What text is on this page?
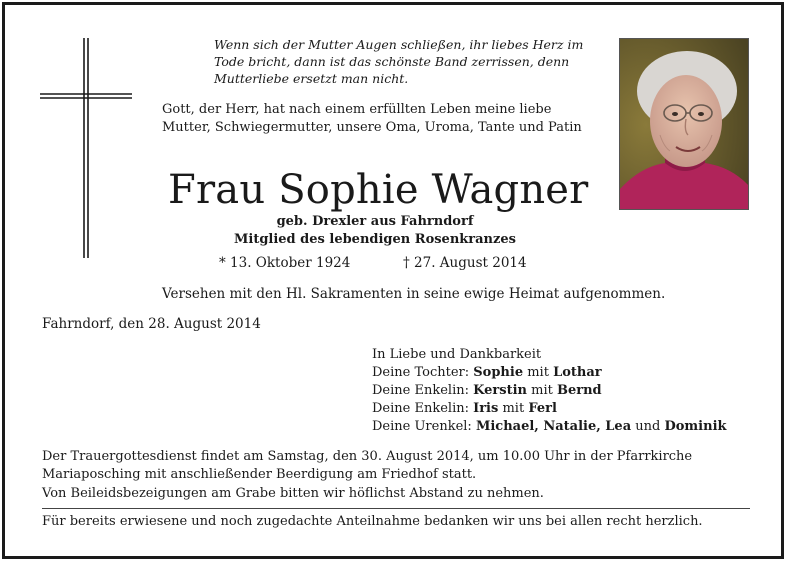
Wenn sich der Mutter Augen schließen, ihr liebes Herz im Tode bricht, dann ist das schönste Band zerrissen, denn Mutterliebe ersetzt man nicht.
Gott, der Herr, hat nach einem erfüllten Leben meine liebe Mutter, Schwiegermutter, unsere Oma, Uroma, Tante und Patin
Frau Sophie Wagner
geb. Drexler aus Fahrndorf
Mitglied des lebendigen Rosenkranzes
* 13. Oktober 1924	† 27. August 2014
Versehen mit den Hl. Sakramenten in seine ewige Heimat aufgenommen.
Fahrndorf, den 28. August 2014
In Liebe und Dankbarkeit
Deine Tochter: Sophie mit Lothar
Deine Enkelin: Kerstin mit Bernd
Deine Enkelin: Iris mit Ferl
Deine Urenkel: Michael, Natalie, Lea und Dominik
Der Trauergottesdienst findet am Samstag, den 30. August 2014, um 10.00 Uhr in der Pfarrkirche Mariaposching mit anschließender Beerdigung am Friedhof statt.
Von Beileidsbezeigungen am Grabe bitten wir höflichst Abstand zu nehmen.
Für bereits erwiesene und noch zugedachte Anteilnahme bedanken wir uns bei allen recht herzlich.
